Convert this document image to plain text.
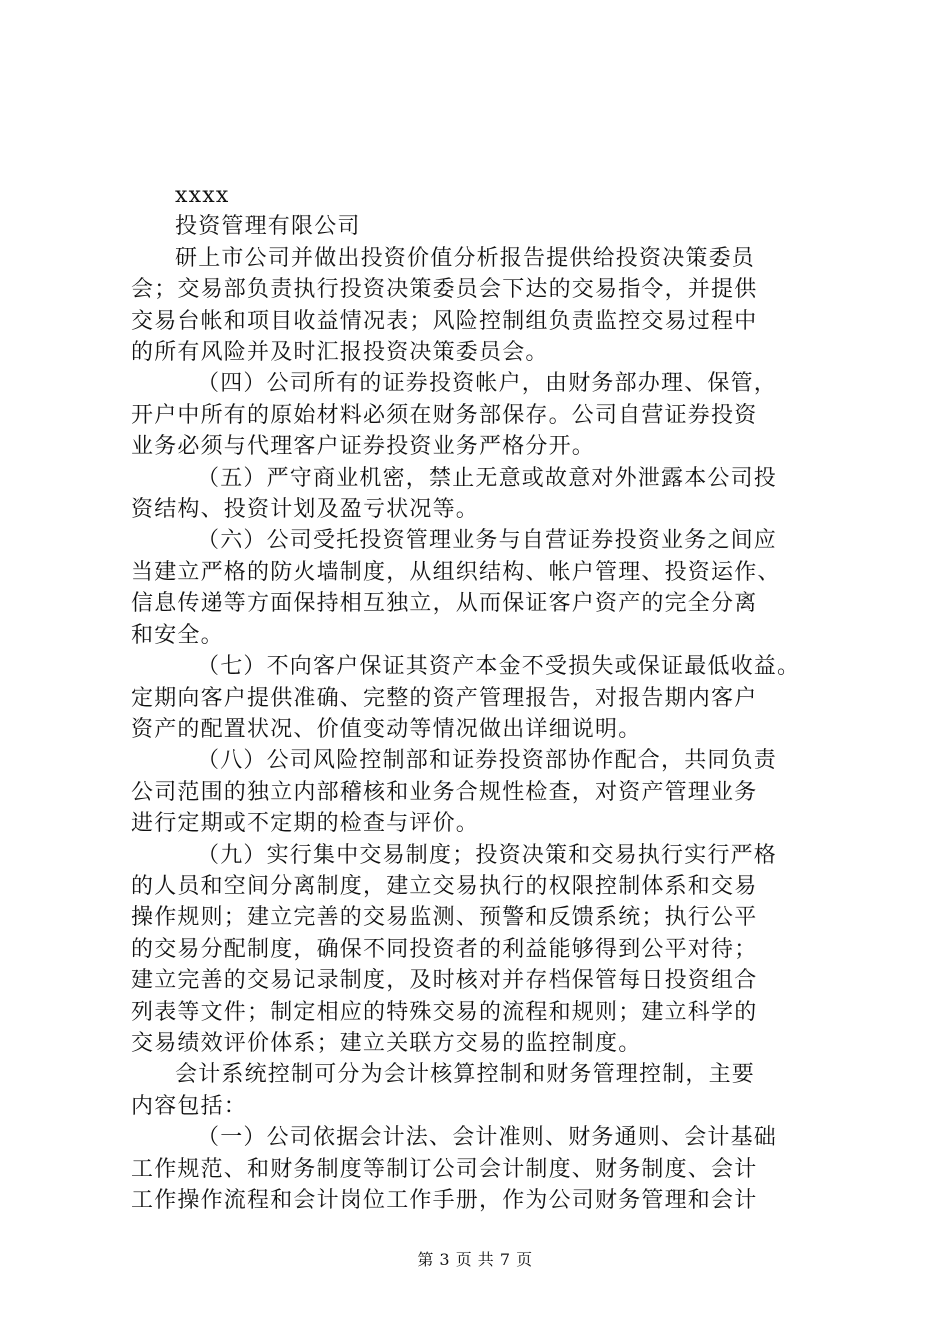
xxxx

投资管理有限公司

研上市公司并做出投资价值分析报告提供给投资决策委员
会；交易部负责执行投资决策委员会下达的交易指令，并提供
交易台帐和项目收益情况表；风险控制组负责监控交易过程中
的所有风险并及时汇报投资决策委员会。

（四）公司所有的证券投资帐户，由财务部办理、保管，
开户中所有的原始材料必须在财务部保存。公司自营证券投资
业务必须与代理客户证券投资业务严格分开。

（五）严守商业机密，禁止无意或故意对外泄露本公司投
资结构、投资计划及盈亏状况等。

（六）公司受托投资管理业务与自营证券投资业务之间应
当建立严格的防火墙制度，从组织结构、帐户管理、投资运作、
信息传递等方面保持相互独立，从而保证客户资产的完全分离
和安全。

（七）不向客户保证其资产本金不受损失或保证最低收益。
定期向客户提供准确、完整的资产管理报告，对报告期内客户
资产的配置状况、价值变动等情况做出详细说明。

（八）公司风险控制部和证券投资部协作配合，共同负责
公司范围的独立内部稽核和业务合规性检查，对资产管理业务
进行定期或不定期的检查与评价。

（九）实行集中交易制度；投资决策和交易执行实行严格
的人员和空间分离制度，建立交易执行的权限控制体系和交易
操作规则；建立完善的交易监测、预警和反馈系统；执行公平
的交易分配制度，确保不同投资者的利益能够得到公平对待；
建立完善的交易记录制度，及时核对并存档保管每日投资组合
列表等文件；制定相应的特殊交易的流程和规则；建立科学的
交易绩效评价体系；建立关联方交易的监控制度。

会计系统控制可分为会计核算控制和财务管理控制，主要
内容包括：

（一）公司依据会计法、会计准则、财务通则、会计基础
工作规范、和财务制度等制订公司会计制度、财务制度、会计
工作操作流程和会计岗位工作手册，作为公司财务管理和会计

第 3 页 共 7 页
